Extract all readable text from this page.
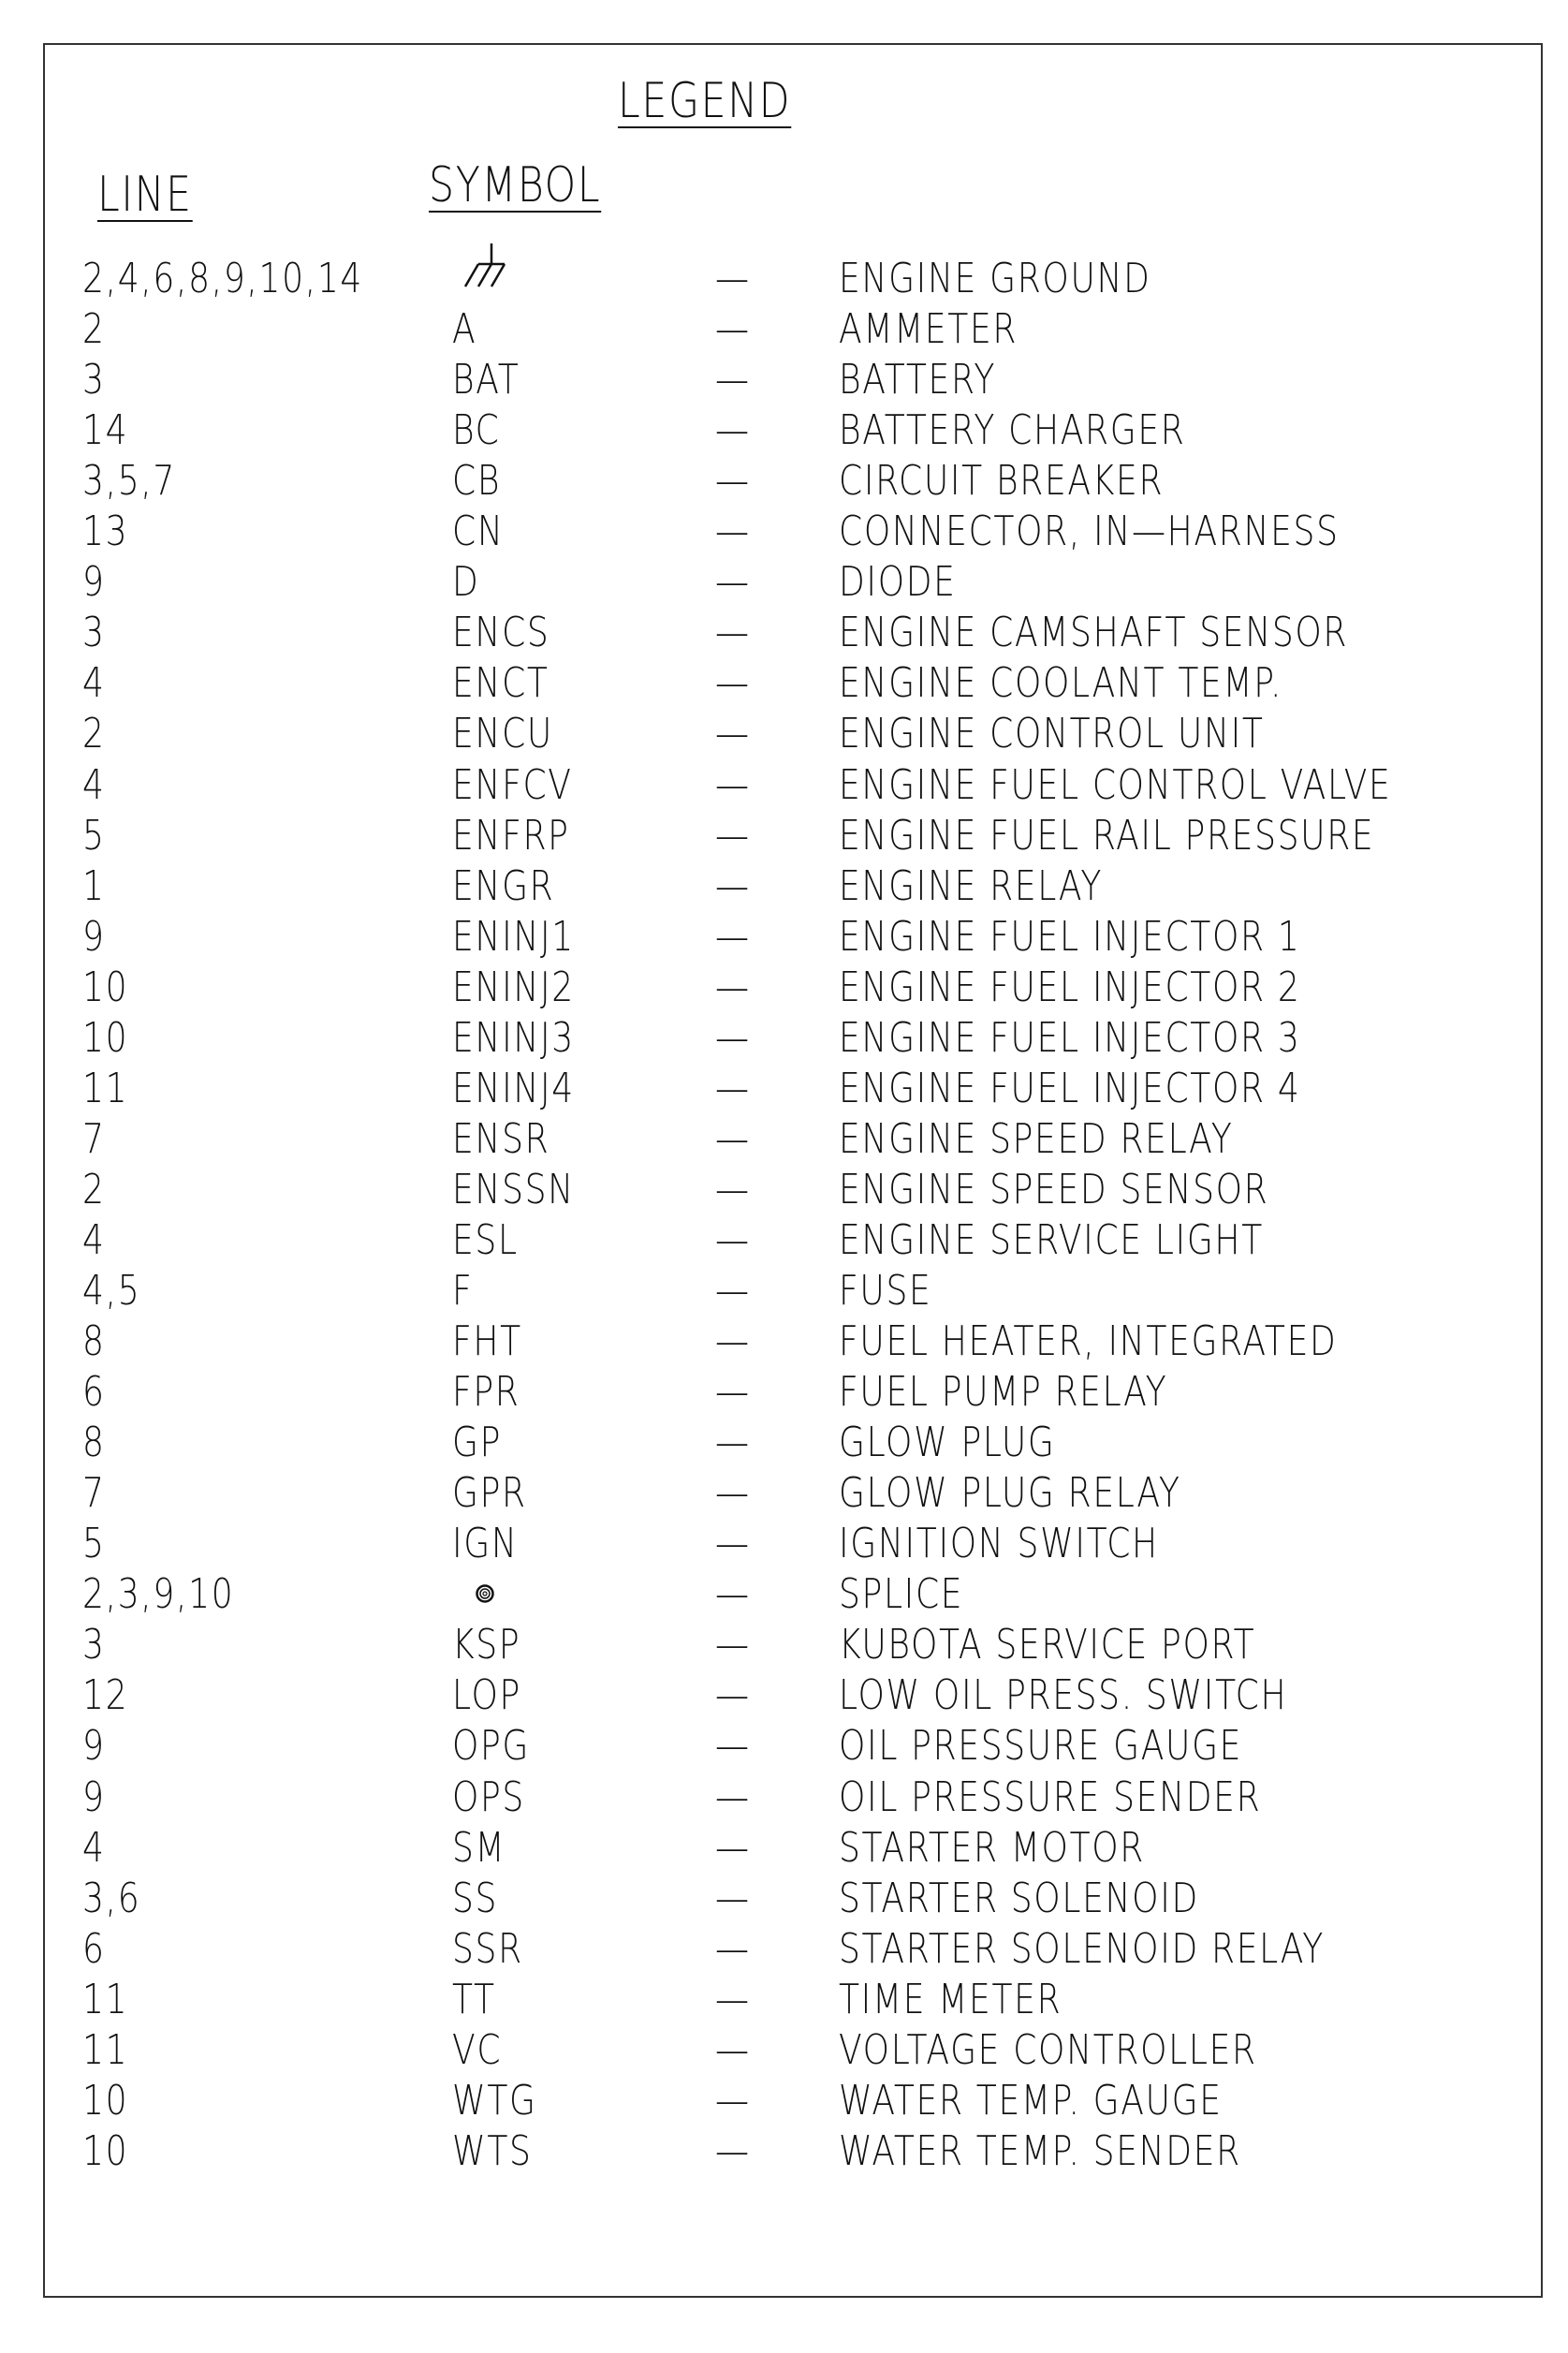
LEGEND
LINE	SYMBOL
2,4,6,8,9,10,14	— ENGINE GROUND
2	A	— AMMETER
3	BAT	— BATTERY
14	BC	— BATTERY CHARGER
3,5,7	CB	— CIRCUIT BREAKER
13	CN	— CONNECTOR, IN—HARNESS
9	D	— DIODE
3	ENCS	— ENGINE CAMSHAFT SENSOR
4	ENCT	— ENGINE COOLANT TEMP.
2	ENCU	— ENGINE CONTROL UNIT
4	ENFCV	— ENGINE FUEL CONTROL VALVE
5	ENFRP	— ENGINE FUEL RAIL PRESSURE
1	ENGR	— ENGINE RELAY
9	ENINJ1	— ENGINE FUEL INJECTOR 1
10	ENINJ2	— ENGINE FUEL INJECTOR 2
10	ENINJ3	— ENGINE FUEL INJECTOR 3
11	ENINJ4	— ENGINE FUEL INJECTOR 4
7	ENSR	— ENGINE SPEED RELAY
2	ENSSN	— ENGINE SPEED SENSOR
4	ESL	— ENGINE SERVICE LIGHT
4,5	F	— FUSE
8	FHT	— FUEL HEATER, INTEGRATED
6	FPR	— FUEL PUMP RELAY
8	GP	— GLOW PLUG
7	GPR	— GLOW PLUG RELAY
5	IGN	— IGNITION SWITCH
2,3,9,10	— SPLICE
3	KSP	— KUBOTA SERVICE PORT
12	LOP	— LOW OIL PRESS. SWITCH
9	OPG	— OIL PRESSURE GAUGE
9	OPS	— OIL PRESSURE SENDER
4	SM	— STARTER MOTOR
3,6	SS	— STARTER SOLENOID
6	SSR	— STARTER SOLENOID RELAY
11	TT	— TIME METER
11	VC	— VOLTAGE CONTROLLER
10	WTG	— WATER TEMP. GAUGE
10	WTS	— WATER TEMP. SENDER
